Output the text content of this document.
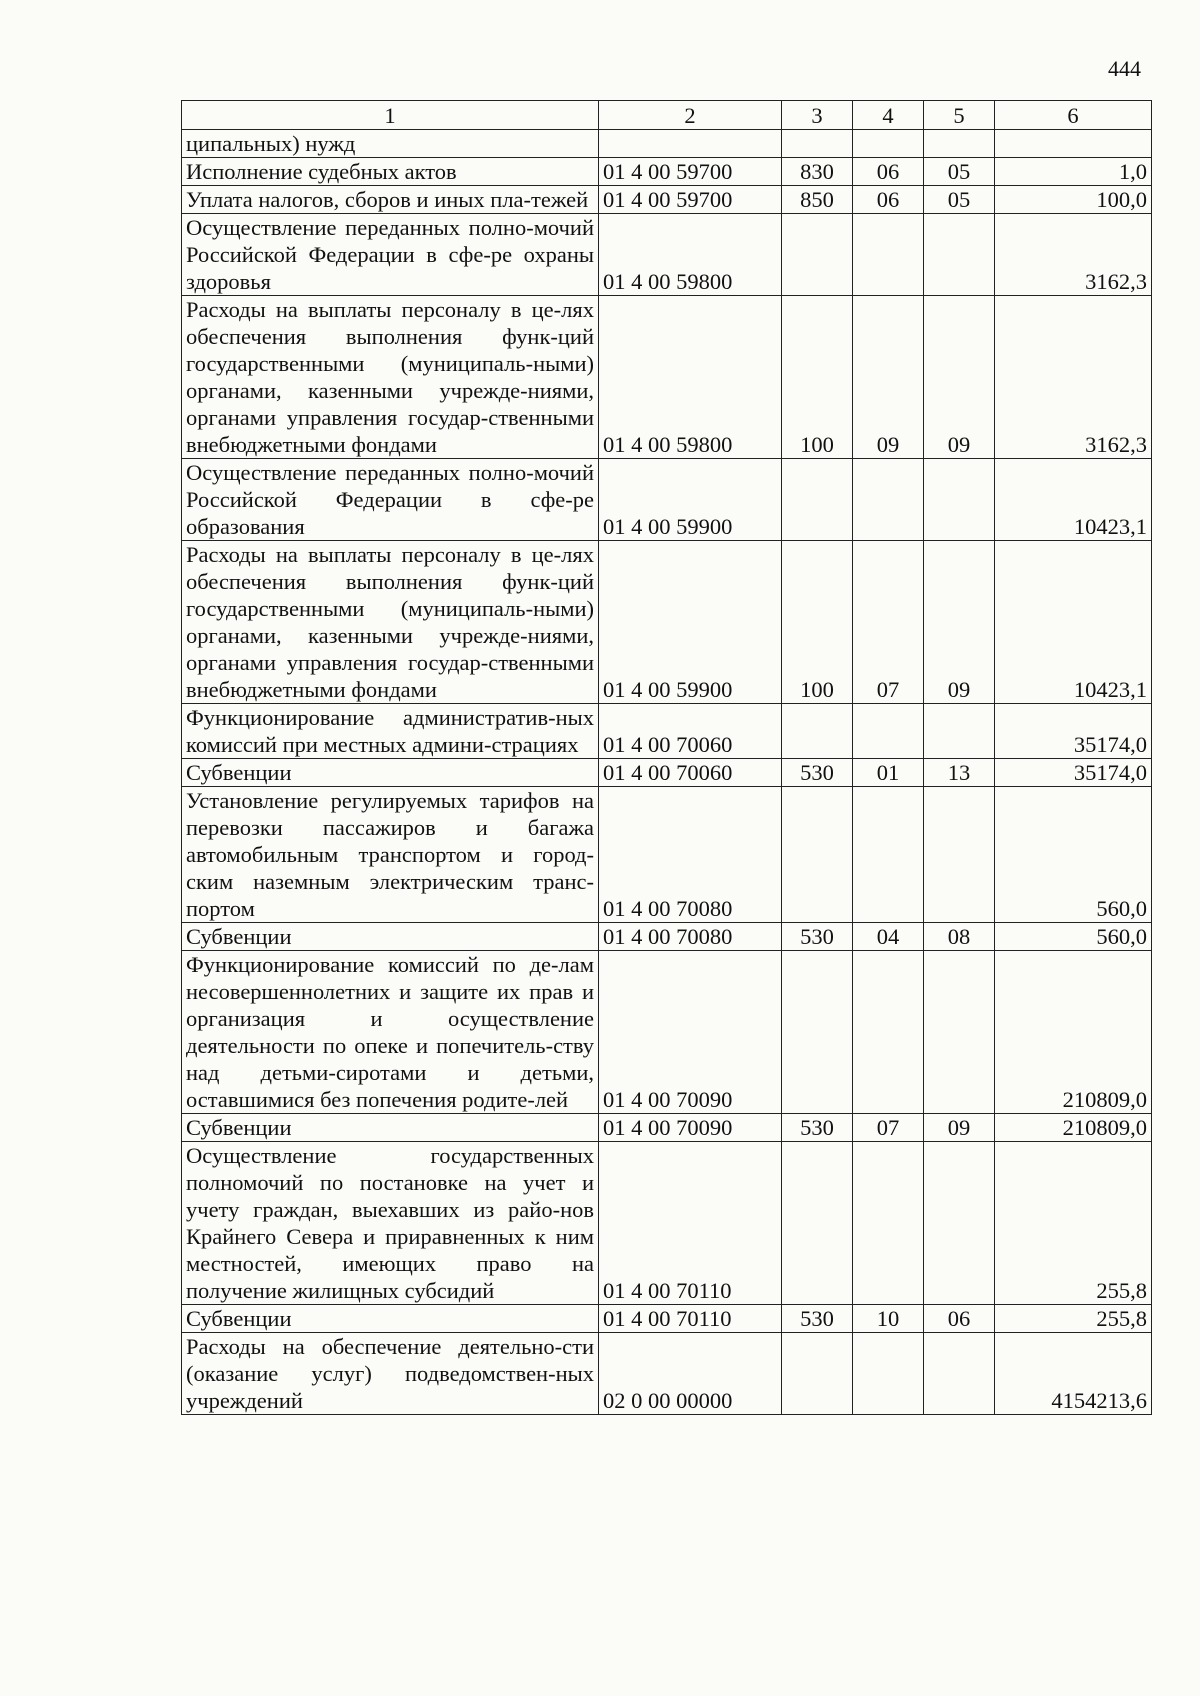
444
1	2	3	4	5	6
ципальных) нужд					
Исполнение судебных актов	01 4 00 59700	830	06	05	1,0
Уплата налогов, сборов и иных пла-тежей	01 4 00 59700	850	06	05	100,0
Осуществление переданных полно-мочий Российской Федерации в сфе-ре охраны здоровья	01 4 00 59800				3162,3
Расходы на выплаты персоналу в це-лях обеспечения выполнения функ-ций государственными (муниципаль-ными) органами, казенными учрежде-ниями, органами управления государ-ственными внебюджетными фондами	01 4 00 59800	100	09	09	3162,3
Осуществление переданных полно-мочий Российской Федерации в сфе-ре образования	01 4 00 59900				10423,1
Расходы на выплаты персоналу в це-лях обеспечения выполнения функ-ций государственными (муниципаль-ными) органами, казенными учрежде-ниями, органами управления государ-ственными внебюджетными фондами	01 4 00 59900	100	07	09	10423,1
Функционирование административ-ных комиссий при местных админи-страциях	01 4 00 70060				35174,0
Субвенции	01 4 00 70060	530	01	13	35174,0
Установление регулируемых тарифов на перевозки пассажиров и багажа автомобильным транспортом и город-ским наземным электрическим транс-портом	01 4 00 70080				560,0
Субвенции	01 4 00 70080	530	04	08	560,0
Функционирование комиссий по де-лам несовершеннолетних и защите их прав и организация и осуществление деятельности по опеке и попечитель-ству над детьми-сиротами и детьми, оставшимися без попечения родите-лей	01 4 00 70090				210809,0
Субвенции	01 4 00 70090	530	07	09	210809,0
Осуществление государственных полномочий по постановке на учет и учету граждан, выехавших из райо-нов Крайнего Севера и приравненных к ним местностей, имеющих право на получение жилищных субсидий	01 4 00 70110				255,8
Субвенции	01 4 00 70110	530	10	06	255,8
Расходы на обеспечение деятельно-сти (оказание услуг) подведомствен-ных учреждений	02 0 00 00000				4154213,6
